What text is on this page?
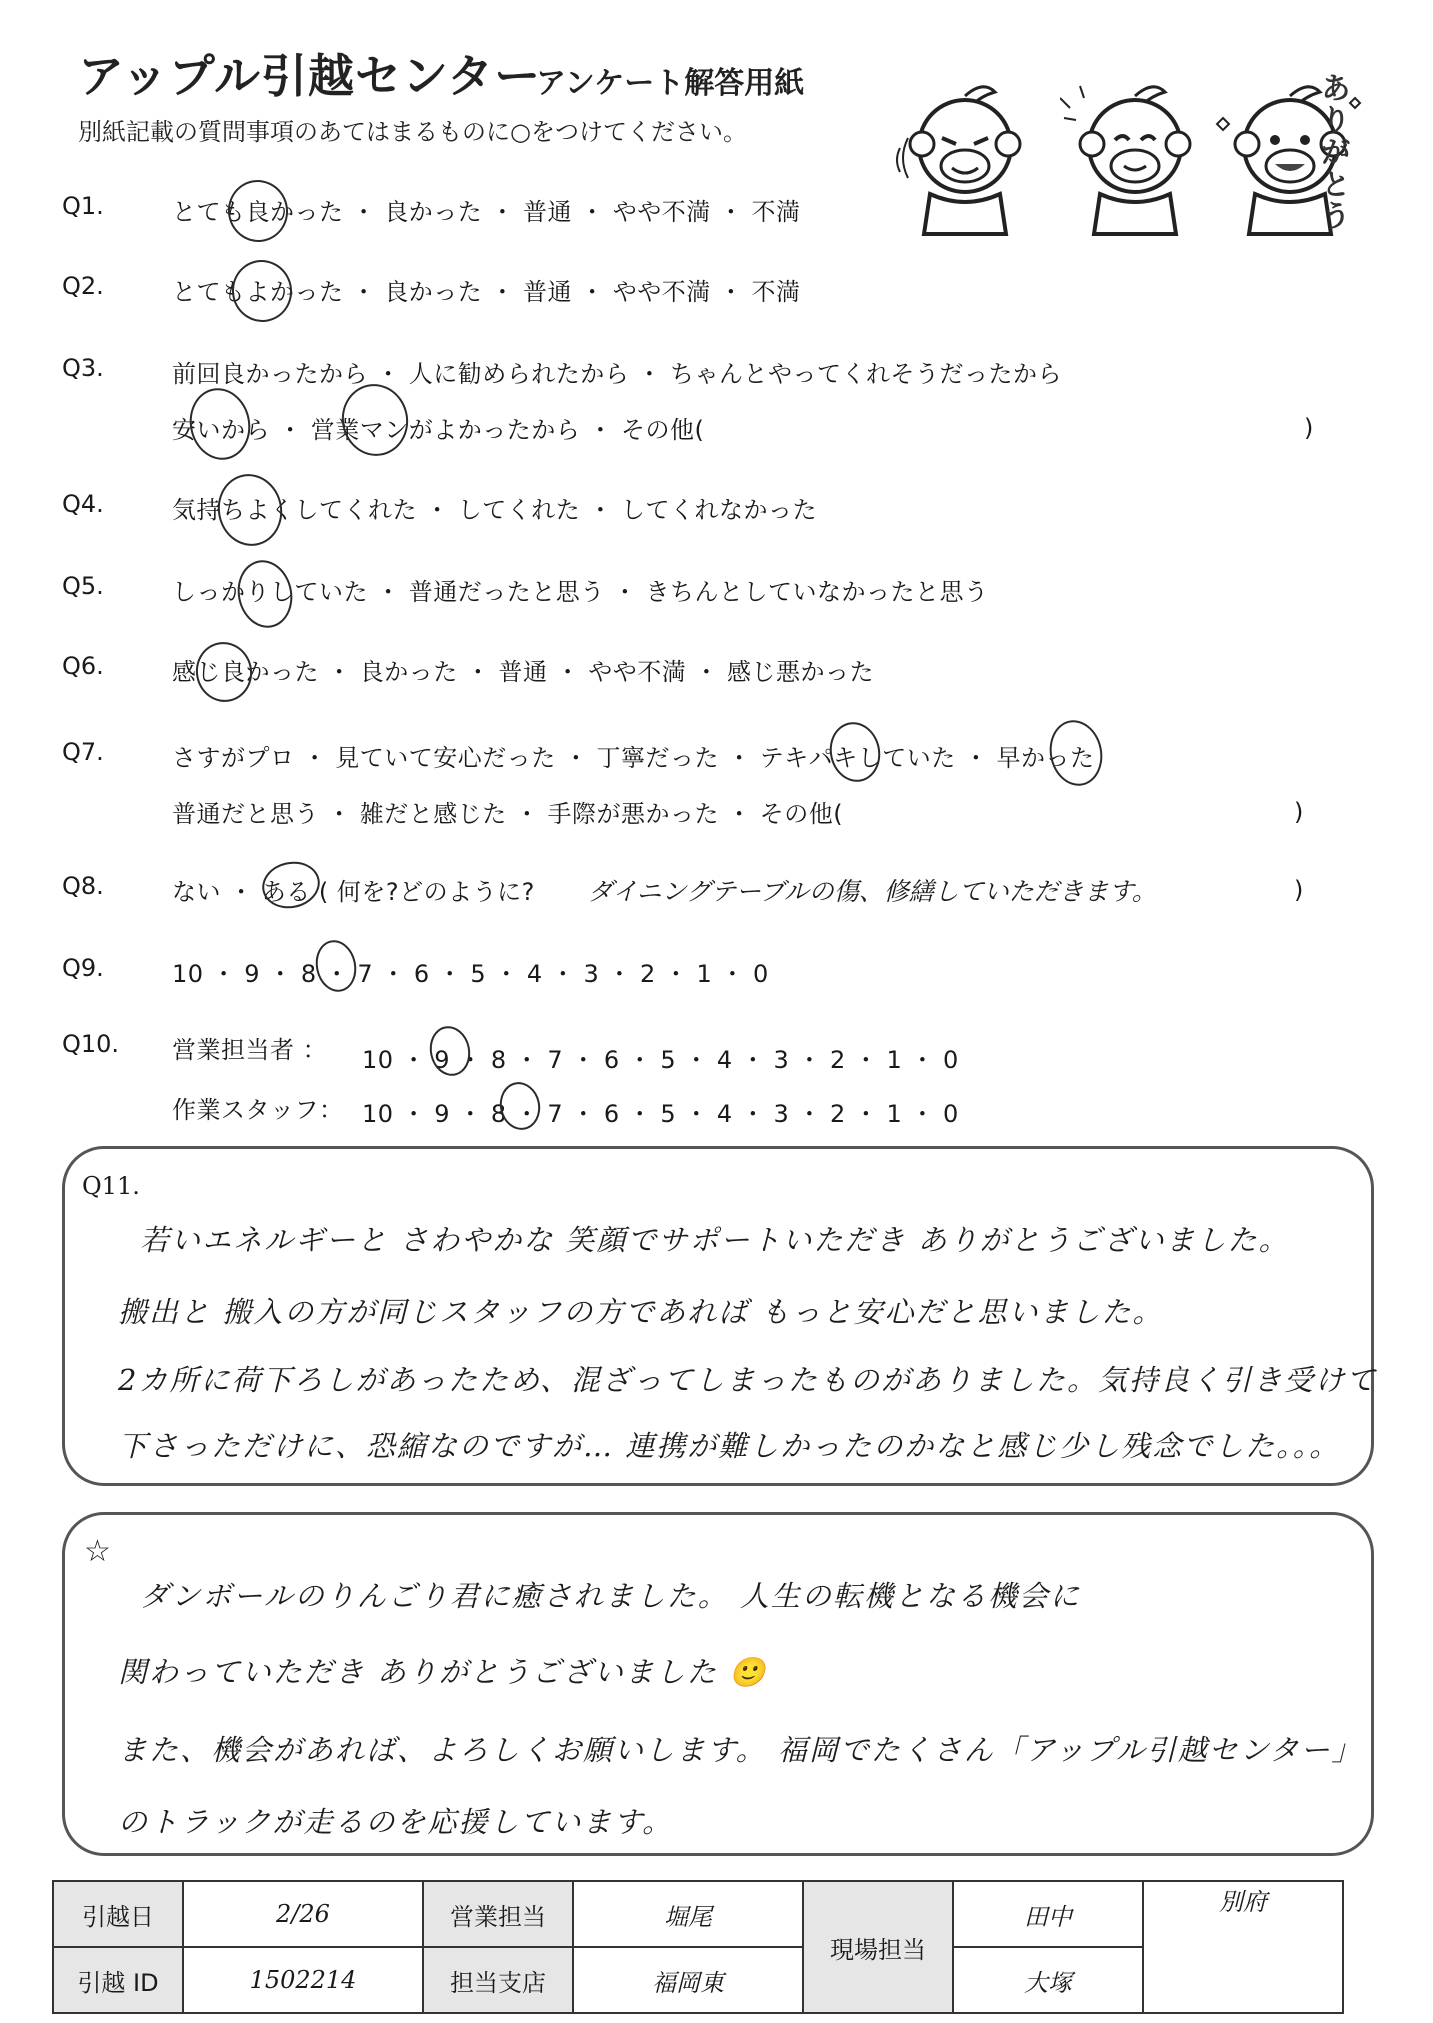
アップル引越センター
アンケート解答用紙
別紙記載の質問事項のあてはまるものに○をつけてください。	ありがとう
Q1.	とても良かった ・ 良かった ・ 普通 ・ やや不満 ・ 不満
Q2.	とてもよかった ・ 良かった ・ 普通 ・ やや不満 ・ 不満
Q3.	前回良かったから ・ 人に勧められたから ・ ちゃんとやってくれそうだったから
安いから ・ 営業マンがよかったから ・ その他(	)
Q4.	気持ちよくしてくれた ・ してくれた ・ してくれなかった
Q5.	しっかりしていた ・ 普通だったと思う ・ きちんとしていなかったと思う
Q6.	感じ良かった ・ 良かった ・ 普通 ・ やや不満 ・ 感じ悪かった
Q7.	さすがプロ ・ 見ていて安心だった ・ 丁寧だった ・ テキパキしていた ・ 早かった
普通だと思う ・ 雑だと感じた ・ 手際が悪かった ・ その他(	)
Q8.	ない ・ ある ( 何を?どのように? ダイニングテーブルの傷、修繕していただきます。	)
Q9.	10 ・ 9 ・ 8 ・ 7 ・ 6 ・ 5 ・ 4 ・ 3 ・ 2 ・ 1 ・ 0
Q10. 営業担当者 ： 10 ・ 9 ・ 8 ・ 7 ・ 6 ・ 5 ・ 4 ・ 3 ・ 2 ・ 1 ・ 0
作業スタッフ： 10 ・ 9 ・ 8 ・ 7 ・ 6 ・ 5 ・ 4 ・ 3 ・ 2 ・ 1 ・ 0
Q11.
若いエネルギーと さわやかな 笑顔でサポートいただき ありがとうございました。
搬出と 搬入の方が同じスタッフの方であれば もっと安心だと思いました。
2カ所に荷下ろしがあったため、混ざってしまったものがありました。気持良く引き受けて
下さっただけに、恐縮なのですが… 連携が難しかったのかなと感じ少し残念でした。。。
☆
ダンボールのりんごり君に癒されました。 人生の転機となる機会に
関わっていただき ありがとうございました 🙂
また、機会があれば、よろしくお願いします。 福岡でたくさん「アップル引越センター」
のトラックが走るのを応援しています。
引越日	2/26	営業担当	堀尾	現場担当	田中	別府
引越 ID	1502214	担当支店	福岡東		大塚	
